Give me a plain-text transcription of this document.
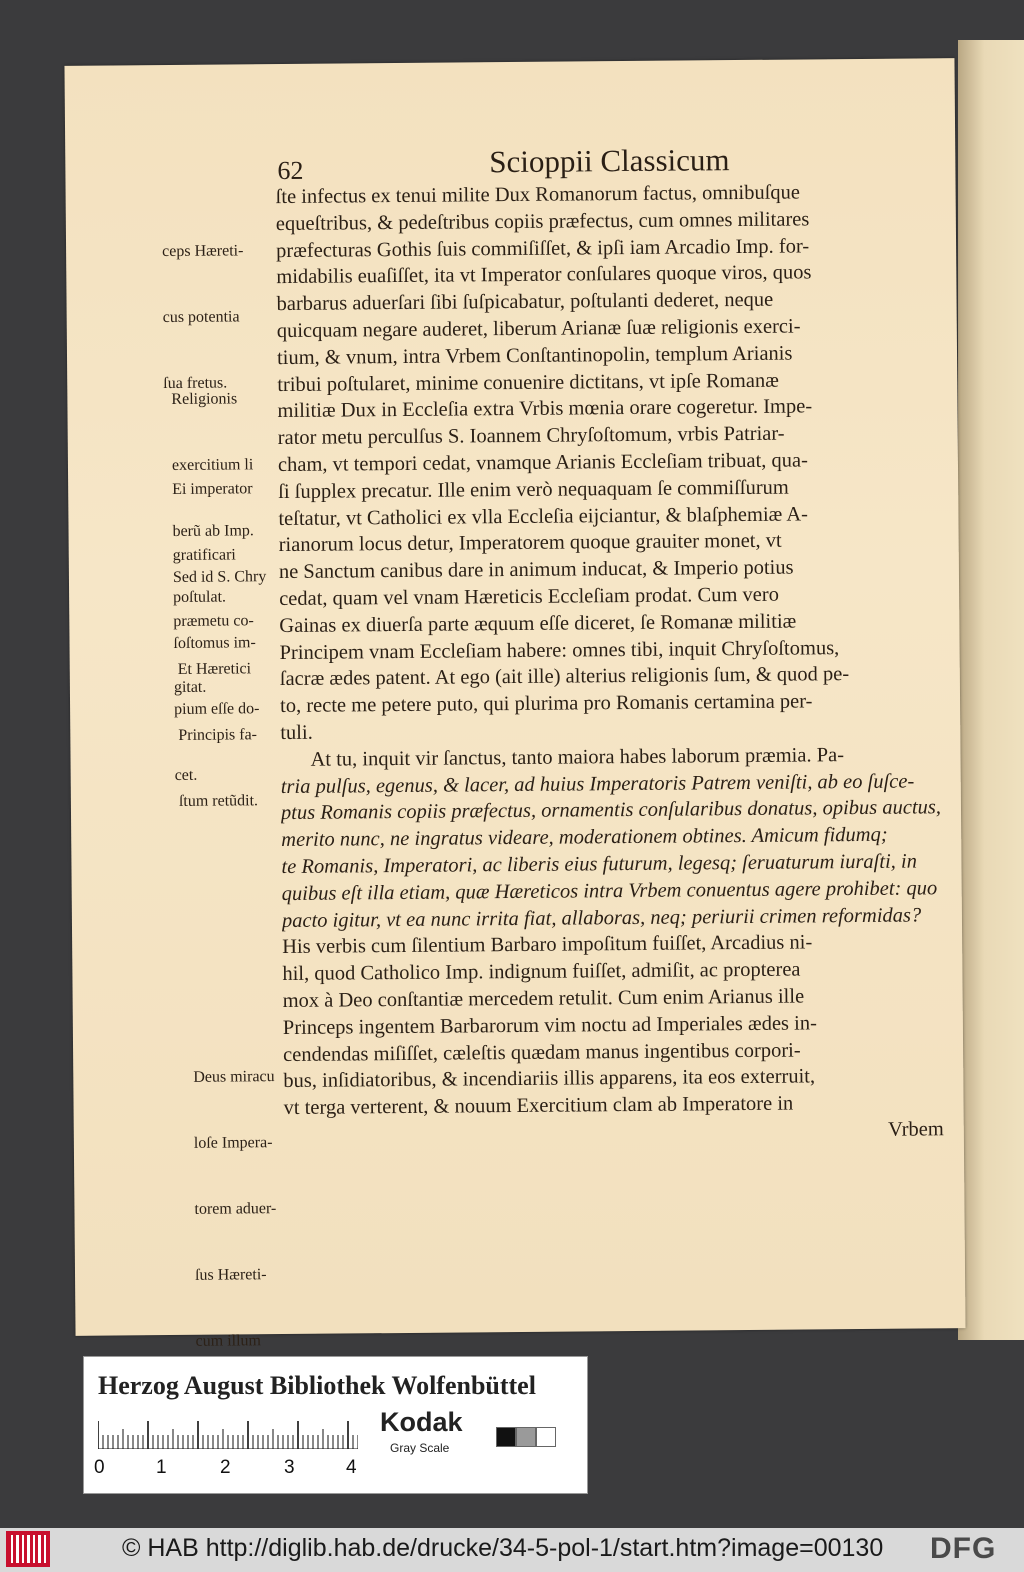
62	Scioppii Classicum

ceps Hæreti-

cus potentia

ſua fretus.

Religionis

exercitium li

berũ ab Imp.

poſtulat.

Ei imperator

gratificari

præmetu co-

gitat.

Sed id S. Chry

ſoſtomus im-

pium eſſe do-

cet.

Et Hæretici

Principis fa-

ſtum retũdit.

Deus miracu

loſe Impera-

torem aduer-

ſus Hæreti-

cum illum

ſte infectus ex tenui milite Dux Romanorum factus, omnibuſque
equeſtribus, & pedeſtribus copiis præfectus, cum omnes militares
præfecturas Gothis ſuis commiſiſſet, & ipſi iam Arcadio Imp. for-
midabilis euaſiſſet, ita vt Imperator conſulares quoque viros, quos
barbarus aduerſari ſibi ſuſpicabatur, poſtulanti dederet, neque
quicquam negare auderet, liberum Arianæ ſuæ religionis exerci-
tium, & vnum, intra Vrbem Conſtantinopolin, templum Arianis
tribui poſtularet, minime conuenire dictitans, vt ipſe Romanæ
militiæ Dux in Eccleſia extra Vrbis mœnia orare cogeretur. Impe-
rator metu perculſus S. Ioannem Chryſoſtomum, vrbis Patriar-
cham, vt tempori cedat, vnamque Arianis Eccleſiam tribuat, qua-
ſi ſupplex precatur. Ille enim verò nequaquam ſe commiſſurum
teſtatur, vt Catholici ex vlla Eccleſia eijciantur, & blaſphemiæ A-
rianorum locus detur, Imperatorem quoque grauiter monet, vt
ne Sanctum canibus dare in animum inducat, & Imperio potius
cedat, quam vel vnam Hæreticis Eccleſiam prodat. Cum vero
Gainas ex diuerſa parte æquum eſſe diceret, ſe Romanæ militiæ
Principem vnam Eccleſiam habere: omnes tibi, inquit Chryſoſtomus,
ſacræ ædes patent. At ego (ait ille) alterius religionis ſum, & quod pe-
to, recte me petere puto, qui plurima pro Romanis certamina per-
tuli.
At tu, inquit vir ſanctus, tanto maiora habes laborum præmia. Pa-
tria pulſus, egenus, & lacer, ad huius Imperatoris Patrem veniſti, ab eo ſuſce-
ptus Romanis copiis præfectus, ornamentis conſularibus donatus, opibus auctus,
merito nunc, ne ingratus videare, moderationem obtines. Amicum fidumq;
te Romanis, Imperatori, ac liberis eius futurum, legesq; ſeruaturum iuraſti, in
quibus eſt illa etiam, quæ Hæreticos intra Vrbem conuentus agere prohibet: quo
pacto igitur, vt ea nunc irrita fiat, allaboras, neq; periurii crimen reformidas?
His verbis cum ſilentium Barbaro impoſitum fuiſſet, Arcadius ni-
hil, quod Catholico Imp. indignum fuiſſet, admiſit, ac propterea
mox à Deo conſtantiæ mercedem retulit. Cum enim Arianus ille
Princeps ingentem Barbarorum vim noctu ad Imperiales ædes in-
cendendas miſiſſet, cæleſtis quædam manus ingentibus corpori-
bus, inſidiatoribus, & incendiariis illis apparens, ita eos exterruit,
vt terga verterent, & nouum Exercitium clam ab Imperatore in
Vrbem
Herzog August Bibliothek Wolfenbüttel
0	1	2	3	4
Kodak
Gray Scale
© HAB http://diglib.hab.de/drucke/34-5-pol-1/start.htm?image=00130 DFG
